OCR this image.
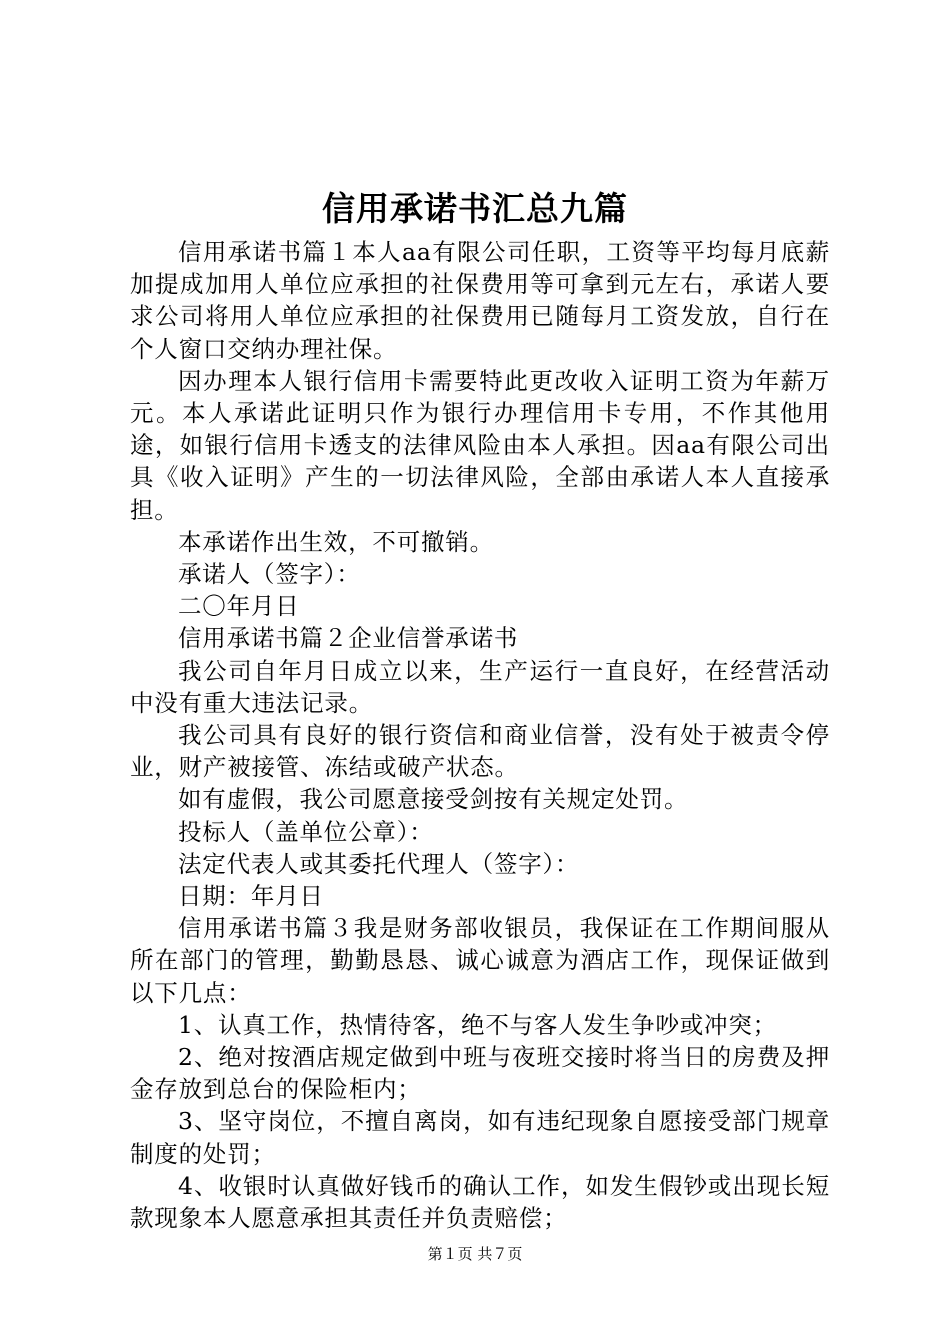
信用承诺书汇总九篇

信用承诺书篇１本人aa有限公司任职，工资等平均每月底薪加提成加用人单位应承担的社保费用等可拿到元左右，承诺人要求公司将用人单位应承担的社保费用已随每月工资发放，自行在个人窗口交纳办理社保。

因办理本人银行信用卡需要特此更改收入证明工资为年薪万元。本人承诺此证明只作为银行办理信用卡专用，不作其他用途，如银行信用卡透支的法律风险由本人承担。因aa有限公司出具《收入证明》产生的一切法律风险，全部由承诺人本人直接承担。

本承诺作出生效，不可撤销。

承诺人（签字）：

二〇年月日

信用承诺书篇２企业信誉承诺书

我公司自年月日成立以来，生产运行一直良好，在经营活动中没有重大违法记录。

我公司具有良好的银行资信和商业信誉，没有处于被责令停业，财产被接管、冻结或破产状态。

如有虚假，我公司愿意接受剑按有关规定处罚。

投标人（盖单位公章）：

法定代表人或其委托代理人（签字）：

日期：年月日

信用承诺书篇３我是财务部收银员，我保证在工作期间服从所在部门的管理，勤勤恳恳、诚心诚意为酒店工作，现保证做到以下几点：

1、认真工作，热情待客，绝不与客人发生争吵或冲突；

2、绝对按酒店规定做到中班与夜班交接时将当日的房费及押金存放到总台的保险柜内；

3、坚守岗位，不擅自离岗，如有违纪现象自愿接受部门规章制度的处罚；

4、收银时认真做好钱币的确认工作，如发生假钞或出现长短款现象本人愿意承担其责任并负责赔偿；

第１页 共７页
